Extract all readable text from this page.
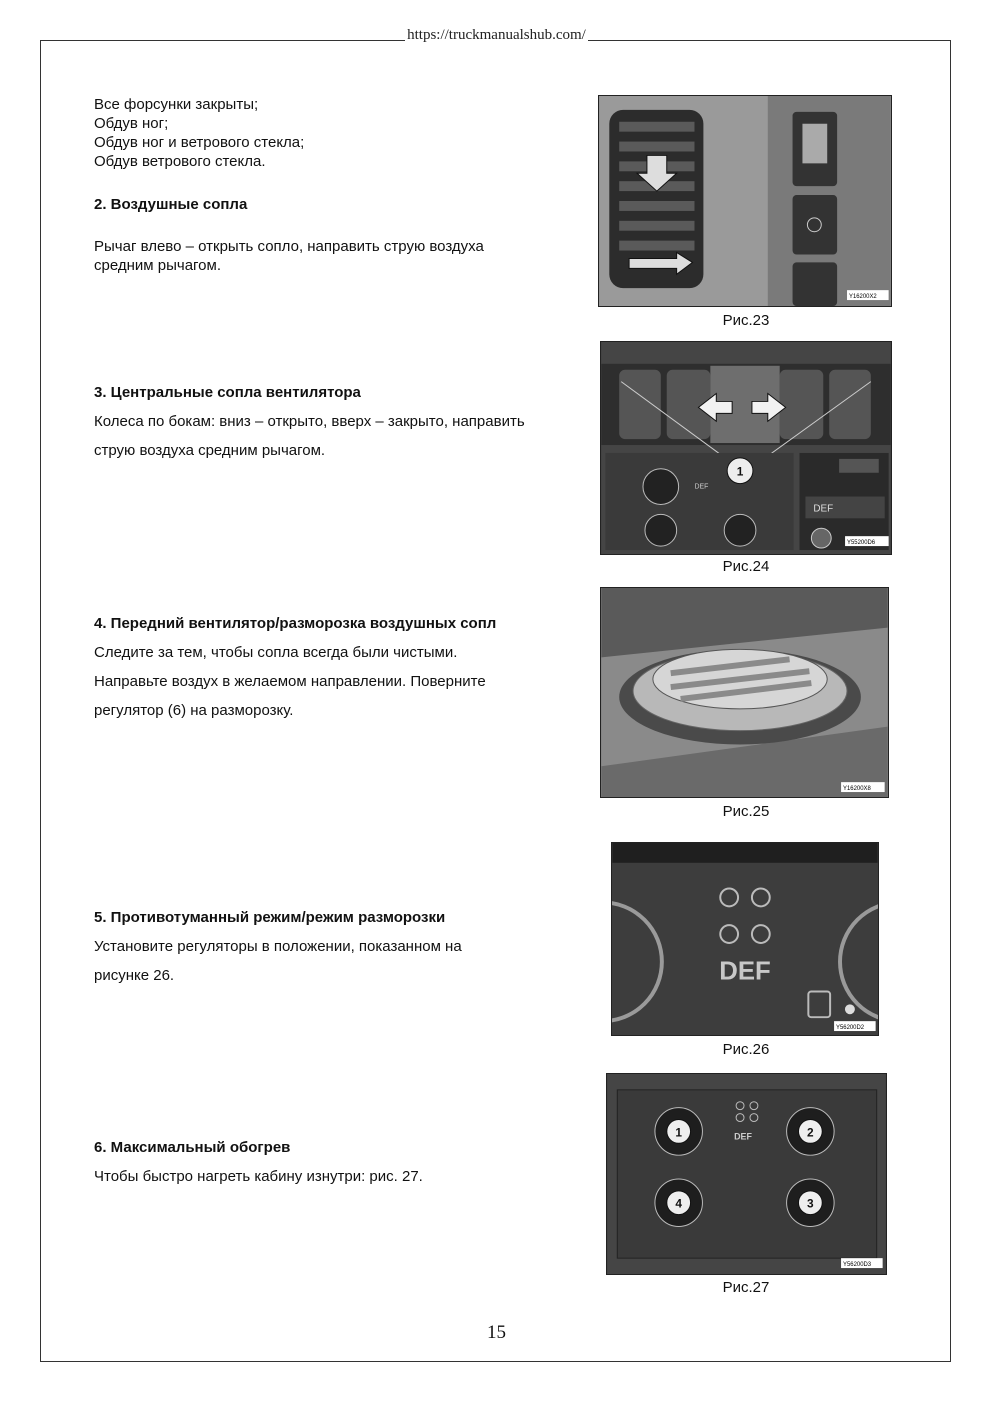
https://truckmanualshub.com/

Все форсунки закрыты;

Обдув ног;

Обдув ног и ветрового стекла;

Обдув ветрового стекла.

2. Воздушные сопла

Рычаг влево – открыть сопло, направить струю воздуха

средним рычагом.

3. Центральные сопла вентилятора

Колеса по бокам: вниз – открыто, вверх – закрыто, направить

струю воздуха средним рычагом.

4. Передний вентилятор/разморозка воздушных сопл

Следите за тем, чтобы сопла всегда были чистыми.

Направьте воздух в желаемом направлении. Поверните

регулятор (6) на разморозку.

5. Противотуманный режим/режим разморозки

Установите регуляторы в положении, показанном на

рисунке 26.

6. Максимальный обогрев

Чтобы быстро нагреть кабину изнутри: рис. 27.

Y16200X2
Рис.23
1
DEF
DEF
Y55200D6
Рис.24
Y16200X8
Рис.25
DEF
Y56200D2
Рис.26
1	2
3
4
DEF
Y56200D3
Рис.27
15
